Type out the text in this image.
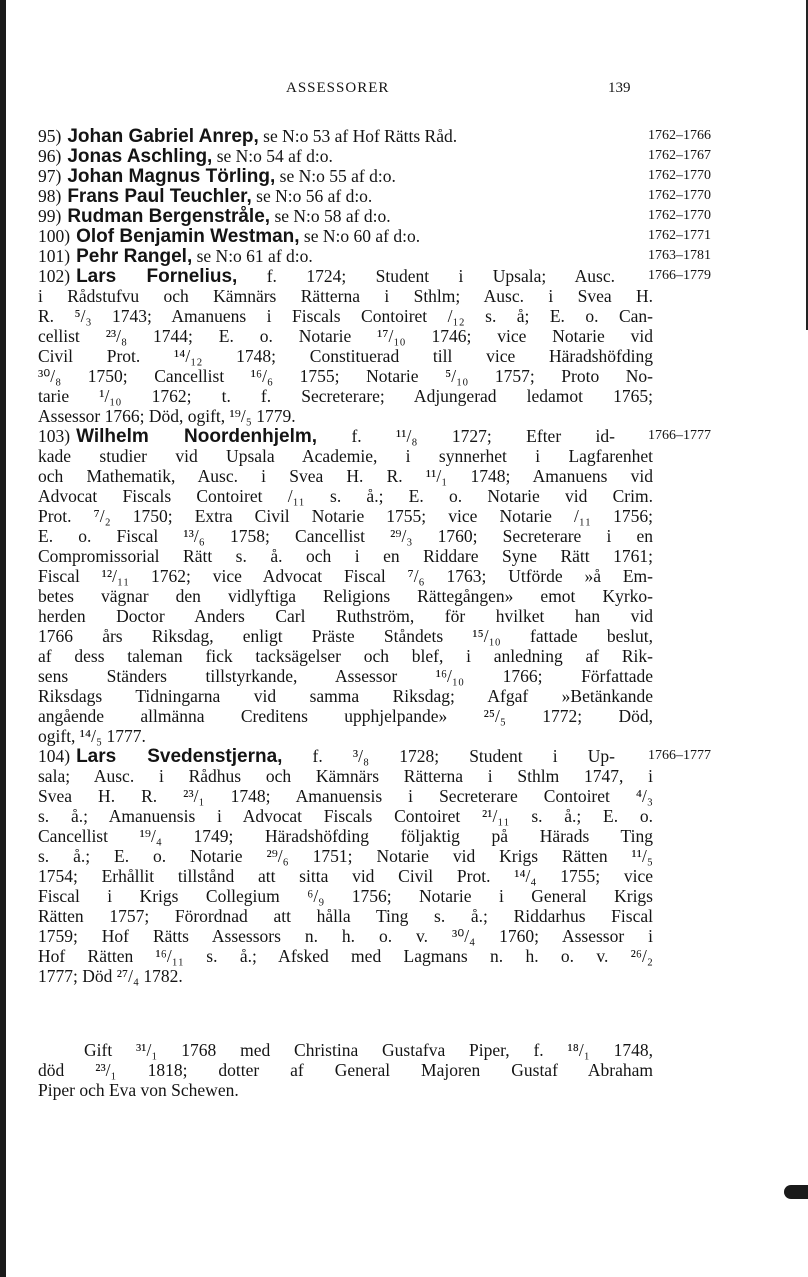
ASSESSORER	139
1762–1766
95) Johan Gabriel Anrep, se N:o 53 af Hof Rätts Råd.
1762–1767
96) Jonas Aschling, se N:o 54 af d:o.
1762–1770
97) Johan Magnus Törling, se N:o 55 af d:o.
1762–1770
98) Frans Paul Teuchler, se N:o 56 af d:o.
1762–1770
99) Rudman Bergenstråle, se N:o 58 af d:o.
1762–1771
100) Olof Benjamin Westman, se N:o 60 af d:o.
1763–1781
101) Pehr Rangel, se N:o 61 af d:o.
1766–1779
102) Lars Fornelius, f. 1724; Student i Upsala; Ausc.
i Rådstufvu och Kämnärs Rätterna i Sthlm; Ausc. i Svea H.
R. ⁵/₃ 1743; Amanuens i Fiscals Contoiret /₁₂ s. å; E. o. Can-
cellist ²³/₈ 1744; E. o. Notarie ¹⁷/₁₀ 1746; vice Notarie vid
Civil Prot. ¹⁴/₁₂ 1748; Constituerad till vice Häradshöfding
³⁰/₈ 1750; Cancellist ¹⁶/₆ 1755; Notarie ⁵/₁₀ 1757; Proto No-
tarie ¹/₁₀ 1762; t. f. Secreterare; Adjungerad ledamot 1765;
Assessor 1766; Död, ogift, ¹⁹/₅ 1779.
1766–1777
103) Wilhelm Noordenhjelm, f. ¹¹/₈ 1727; Efter id-
kade studier vid Upsala Academie, i synnerhet i Lagfarenhet
och Mathematik, Ausc. i Svea H. R. ¹¹/₁ 1748; Amanuens vid
Advocat Fiscals Contoiret /₁₁ s. å.; E. o. Notarie vid Crim.
Prot. ⁷/₂ 1750; Extra Civil Notarie 1755; vice Notarie /₁₁ 1756;
E. o. Fiscal ¹³/₆ 1758; Cancellist ²⁹/₃ 1760; Secreterare i en
Compromissorial Rätt s. å. och i en Riddare Syne Rätt 1761;
Fiscal ¹²/₁₁ 1762; vice Advocat Fiscal ⁷/₆ 1763; Utförde »å Em-
betes vägnar den vidlyftiga Religions Rättegången» emot Kyrko-
herden Doctor Anders Carl Ruthström, för hvilket han vid
1766 års Riksdag, enligt Präste Ståndets ¹⁵/₁₀ fattade beslut,
af dess taleman fick tacksägelser och blef, i anledning af Rik-
sens Ständers tillstyrkande, Assessor ¹⁶/₁₀ 1766; Författade
Riksdags Tidningarna vid samma Riksdag; Afgaf »Betänkande
angående allmänna Creditens upphjelpande» ²⁵/₅ 1772; Död,
ogift, ¹⁴/₅ 1777.
1766–1777
104) Lars Svedenstjerna, f. ³/₈ 1728; Student i Up-
sala; Ausc. i Rådhus och Kämnärs Rätterna i Sthlm 1747, i
Svea H. R. ²³/₁ 1748; Amanuensis i Secreterare Contoiret ⁴/₃
s. å.; Amanuensis i Advocat Fiscals Contoiret ²¹/₁₁ s. å.; E. o.
Cancellist ¹⁹/₄ 1749; Häradshöfding följaktig på Härads Ting
s. å.; E. o. Notarie ²⁹/₆ 1751; Notarie vid Krigs Rätten ¹¹/₅
1754; Erhållit tillstånd att sitta vid Civil Prot. ¹⁴/₄ 1755; vice
Fiscal i Krigs Collegium ⁶/₉ 1756; Notarie i General Krigs
Rätten 1757; Förordnad att hålla Ting s. å.; Riddarhus Fiscal
1759; Hof Rätts Assessors n. h. o. v. ³⁰/₄ 1760; Assessor i
Hof Rätten ¹⁶/₁₁ s. å.; Afsked med Lagmans n. h. o. v. ²⁶/₂
1777; Död ²⁷/₄ 1782.
Gift ³¹/₁ 1768 med Christina Gustafva Piper, f. ¹⁸/₁ 1748,
död ²³/₁ 1818; dotter af General Majoren Gustaf Abraham
Piper och Eva von Schewen.
